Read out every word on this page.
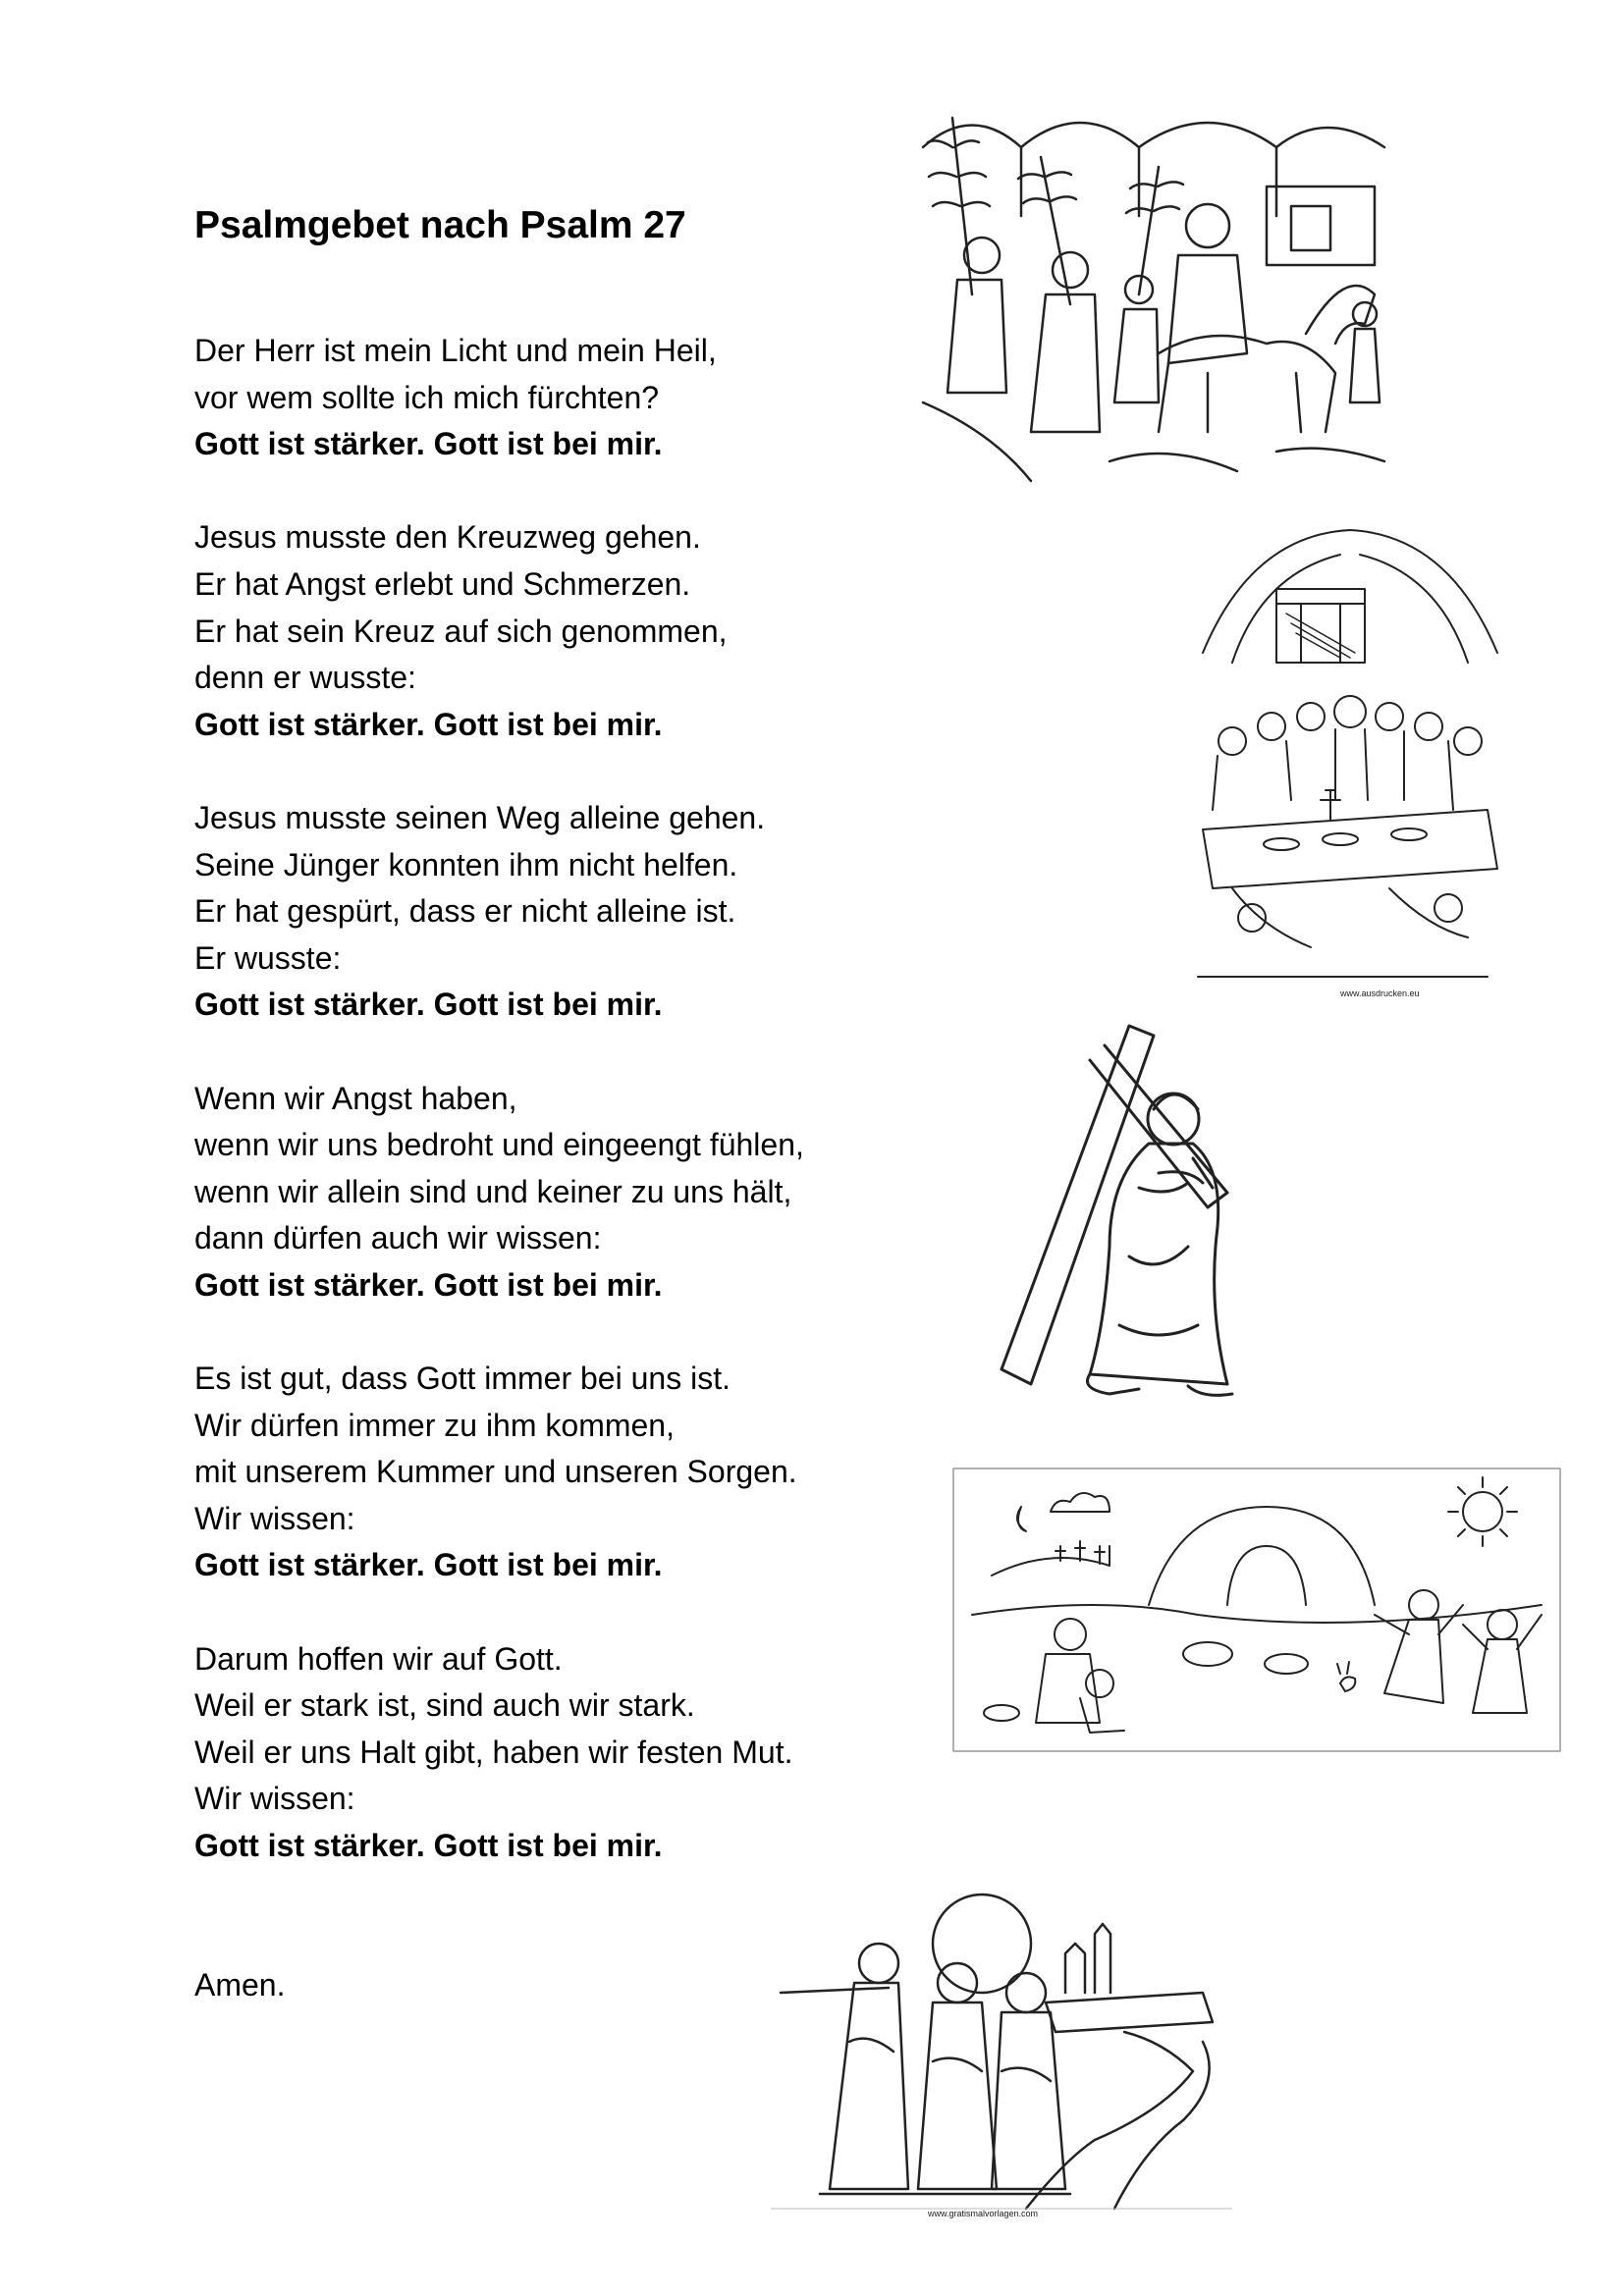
Psalmgebet nach Psalm 27

Der Herr ist mein Licht und mein Heil,
vor wem sollte ich mich fürchten?
Gott ist stärker. Gott ist bei mir.

Jesus musste den Kreuzweg gehen.
Er hat Angst erlebt und Schmerzen.
Er hat sein Kreuz auf sich genommen,
denn er wusste:
Gott ist stärker. Gott ist bei mir.

Jesus musste seinen Weg alleine gehen.
Seine Jünger konnten ihm nicht helfen.
Er hat gespürt, dass er nicht alleine ist.
Er wusste:
Gott ist stärker. Gott ist bei mir.

Wenn wir Angst haben,
wenn wir uns bedroht und eingeengt fühlen,
wenn wir allein sind und keiner zu uns hält,
dann dürfen auch wir wissen:
Gott ist stärker. Gott ist bei mir.

Es ist gut, dass Gott immer bei uns ist.
Wir dürfen immer zu ihm kommen,
mit unserem Kummer und unseren Sorgen.
Wir wissen:
Gott ist stärker. Gott ist bei mir.

Darum hoffen wir auf Gott.
Weil er stark ist, sind auch wir stark.
Weil er uns Halt gibt, haben wir festen Mut.
Wir wissen:
Gott ist stärker. Gott ist bei mir.

Amen.

www.ausdrucken.eu
www.gratismalvorlagen.com
